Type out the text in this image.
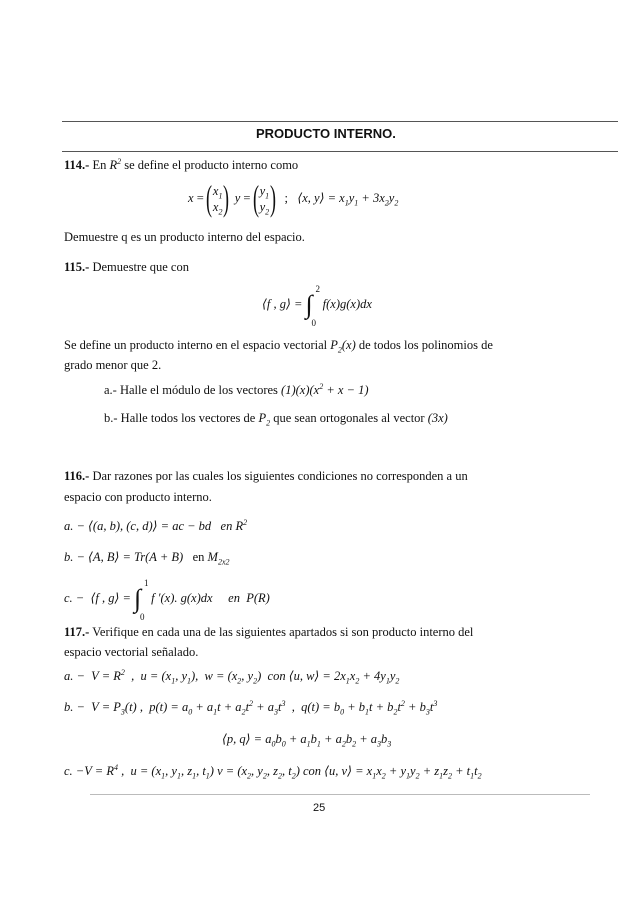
PRODUCTO INTERNO.
114.- En $R^2$ se define el producto interno como
x = ( $x_1$
$x_2$ ) y = ( $y_1$
$y_2$ ) ;   ⟨x, y⟩ = $x_1y_1 + 3x_2y_2$
Demuestre q es un producto interno del espacio.
115.- Demuestre que con
⟨f , g⟩ = ∫
2
0
f(x)g(x)dx
Se define un producto interno en el espacio vectorial $P_2(x)$ de todos los polinomios de
grado menor que 2.
a.- Halle el módulo de los vectores $(1)(x)(x^2 + x - 1)$
b.- Halle todos los vectores de $P_2$ que sean ortogonales al vector (3x)
116.- Dar razones por las cuales los siguientes condiciones no corresponden a un
espacio con producto interno.
a. − ⟨(a, b), (c, d)⟩ = ac − bd   en $R^2$
b. − ⟨A, B⟩ = Tr(A + B)   en $M_{2x2}$
c. −  ⟨f , g⟩ = ∫
1
0
f ′(x). g(x)dx     en  P(R)
117.- Verifique en cada una de las siguientes apartados si son producto interno del
espacio vectorial señalado.
a. −  $V = R^2$  ,  $u = (x_1$, $y_1$),  $w = (x_2$, $y_2$)  con ⟨u, w⟩ = $2x_1x_2 + 4y_1y_2$
b. −  $V = P_3(t)$ ,  $p(t) = a_0 + a_1t + a_2t^2 + a_3t^3$  ,  $q(t) = b_0 + b_1t + b_2t^2 + b_3t^3$
⟨p, q⟩ = $a_0b_0 + a_1b_1 + a_2b_2 + a_3b_3$
c. $-V = R^4$ ,  $u = (x_1$, $y_1$, $z_1$, $t_1$) $v = (x_2$, $y_2$, $z_2$, $t_2$) con ⟨u, v⟩ = $x_1x_2 + y_1y_2 + z_1z_2 + t_1t_2$
25
